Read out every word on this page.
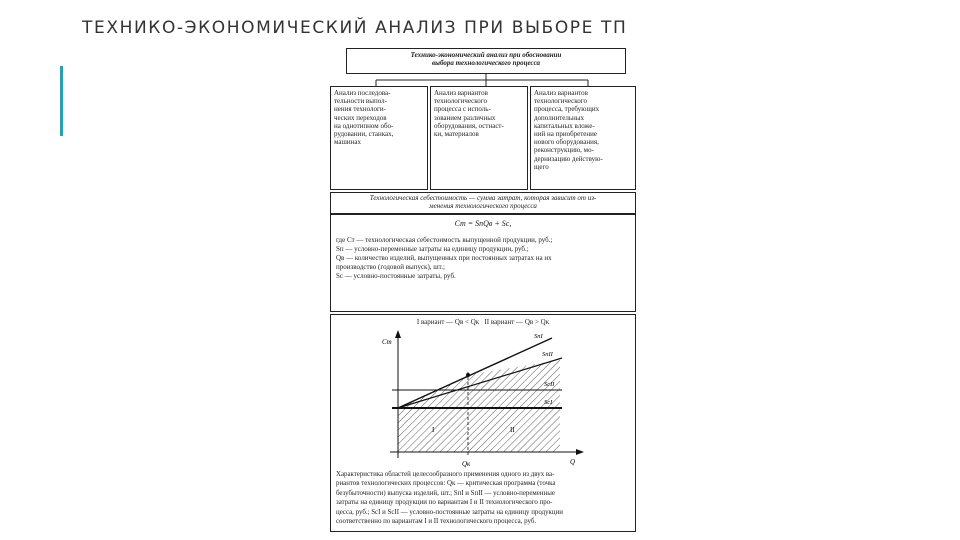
ТЕХНИКО-ЭКОНОМИЧЕСКИЙ АНАЛИЗ ПРИ ВЫБОРЕ ТП
Технико-экономический анализ при обосновании
выбора технологического процесса
Анализ последова-
тельности выпол-
нения технологи-
ческих переходов
на однотипном обо-
рудовании, станках,
машинах
Анализ вариантов
технологического
процесса с исполь-
зованием различных
оборудования, остнаст-
ки, материалов
Анализ вариантов
технологического
процесса, требующих
дополнительных
капитальных вложе-
ний на приобретение
нового оборудования,
реконструкцию, мо-
дернизацию действую-
щего
Технологическая себестоимость — сумма затрат, которая зависит от из-
менения технологического процесса
Cт = SпQв + Sc,
где Cт — технологическая себестоимость выпущенной продукции, руб.;
Sп — условно-переменные затраты на единицу продукции, руб.;
Qв — количество изделий, выпущенных при постоянных затратах на их
производство (годовой выпуск), шт.;
Sc — условно-постоянные затраты, руб.
I вариант — Qв < Qк   II вариант — Qв > Qк
Cт
Q
Qк
SпI
SпII
ScII
ScI
I	II
Характеристика областей целесообразного применения одного из двух ва-
риантов технологических процессов: Qк — критическая программа (точка
безубыточности) выпуска изделий, шт.; SпI и SпII — условно-переменные
затраты на единицу продукции по вариантам I и II технологического про-
цесса, руб.; ScI и ScII — условно-постоянные затраты на единицу продукции
соответственно по вариантам I и II технологического процесса, руб.
